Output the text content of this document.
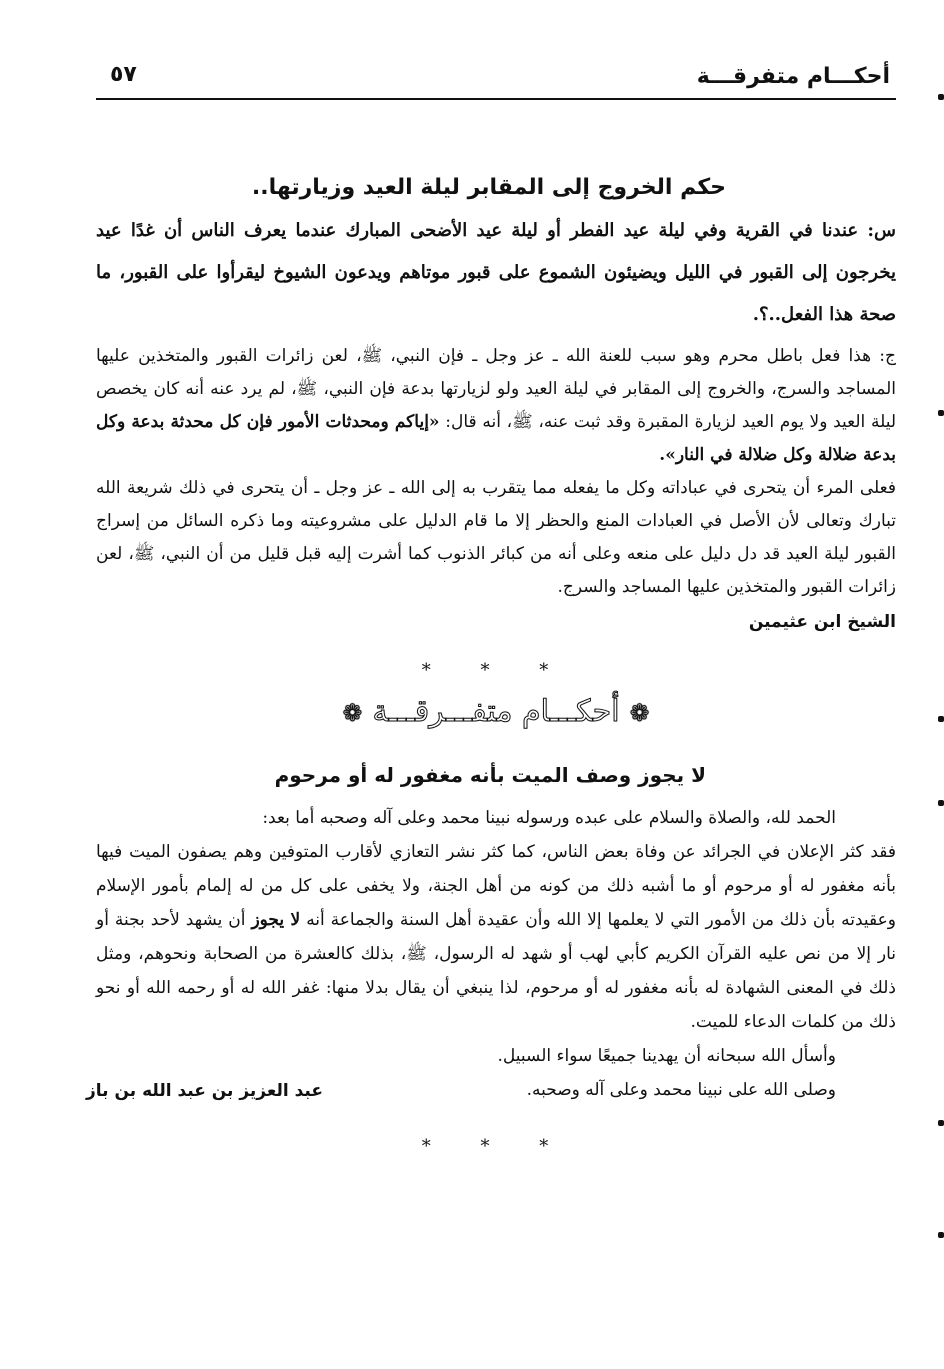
أحكـــام متفرقـــة
٥٧

حكم الخروج إلى المقابر ليلة العيد وزيارتها..

س: عندنا في القرية وفي ليلة عيد الفطر أو ليلة عيد الأضحى المبارك عندما يعرف الناس أن غدًا عيد يخرجون إلى القبور في الليل ويضيئون الشموع على قبور موتاهم ويدعون الشيوخ ليقرأوا على القبور، ما صحة هذا الفعل..؟.

ج: هذا فعل باطل محرم وهو سبب للعنة الله ـ عز وجل ـ فإن النبي، ﷺ، لعن زائرات القبور والمتخذين عليها المساجد والسرج، والخروج إلى المقابر في ليلة العيد ولو لزيارتها بدعة فإن النبي، ﷺ، لم يرد عنه أنه كان يخصص ليلة العيد ولا يوم العيد لزيارة المقبرة وقد ثبت عنه، ﷺ، أنه قال: «إياكم ومحدثات الأمور فإن كل محدثة بدعة وكل بدعة ضلالة وكل ضلالة في النار».

فعلى المرء أن يتحرى في عباداته وكل ما يفعله مما يتقرب به إلى الله ـ عز وجل ـ أن يتحرى في ذلك شريعة الله تبارك وتعالى لأن الأصل في العبادات المنع والحظر إلا ما قام الدليل على مشروعيته وما ذكره السائل من إسراج القبور ليلة العيد قد دل دليل على منعه وعلى أنه من كبائر الذنوب كما أشرت إليه قبل قليل من أن النبي، ﷺ، لعن زائرات القبور والمتخذين عليها المساجد والسرج.

الشيخ ابن عثيمين

* * *

❁أحكـــام متفـــرقـــة❁

لا يجوز وصف الميت بأنه مغفور له أو مرحوم

الحمد لله، والصلاة والسلام على عبده ورسوله نبينا محمد وعلى آله وصحبه أما بعد:

فقد كثر الإعلان في الجرائد عن وفاة بعض الناس، كما كثر نشر التعازي لأقارب المتوفين وهم يصفون الميت فيها بأنه مغفور له أو مرحوم أو ما أشبه ذلك من كونه من أهل الجنة، ولا يخفى على كل من له إلمام بأمور الإسلام وعقيدته بأن ذلك من الأمور التي لا يعلمها إلا الله وأن عقيدة أهل السنة والجماعة أنه لا يجوز أن يشهد لأحد بجنة أو نار إلا من نص عليه القرآن الكريم كأبي لهب أو شهد له الرسول، ﷺ، بذلك كالعشرة من الصحابة ونحوهم، ومثل ذلك في المعنى الشهادة له بأنه مغفور له أو مرحوم، لذا ينبغي أن يقال بدلا منها: غفر الله له أو رحمه الله أو نحو ذلك من كلمات الدعاء للميت.

وأسأل الله سبحانه أن يهدينا جميعًا سواء السبيل.

وصلى الله على نبينا محمد وعلى آله وصحبه.

عبد العزيز بن عبد الله بن باز

* * *
